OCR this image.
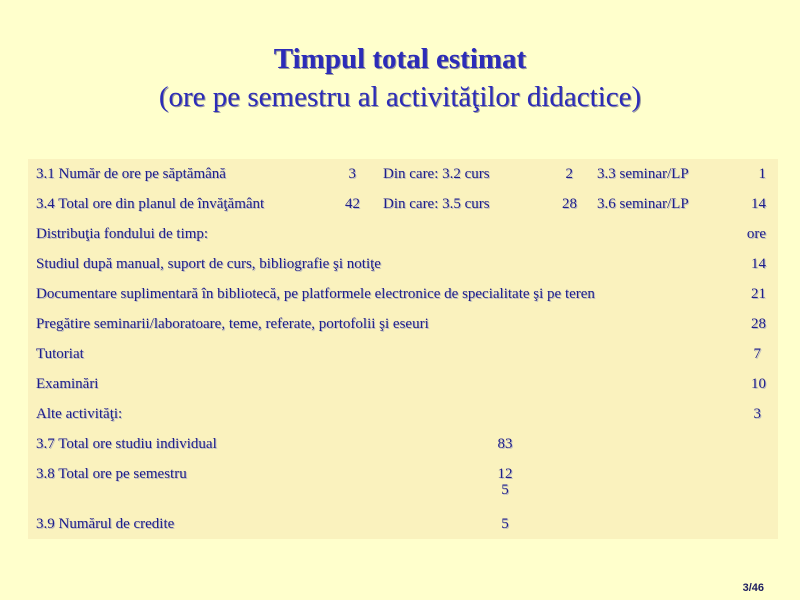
Timpul total estimat
(ore pe semestru al activităţilor didactice)
3.1 Număr de ore pe săptămână	3 Din care: 3.2 curs	2 3.3 seminar/LP	1
3.4 Total ore din planul de învăţământ	42 Din care: 3.5 curs	28 3.6 seminar/LP	14
Distribuţia fondului de timp:	ore
Studiul după manual, suport de curs, bibliografie şi notiţe	14
Documentare suplimentară în bibliotecă, pe platformele electronice de specialitate şi pe teren	21
Pregătire seminarii/laboratoare, teme, referate, portofolii şi eseuri	28
Tutoriat	7
Examinări	10
Alte activităţi:	3
3.7 Total ore studiu individual	83
3.8 Total ore pe semestru	12
5
3.9 Numărul de credite	5
3/46
